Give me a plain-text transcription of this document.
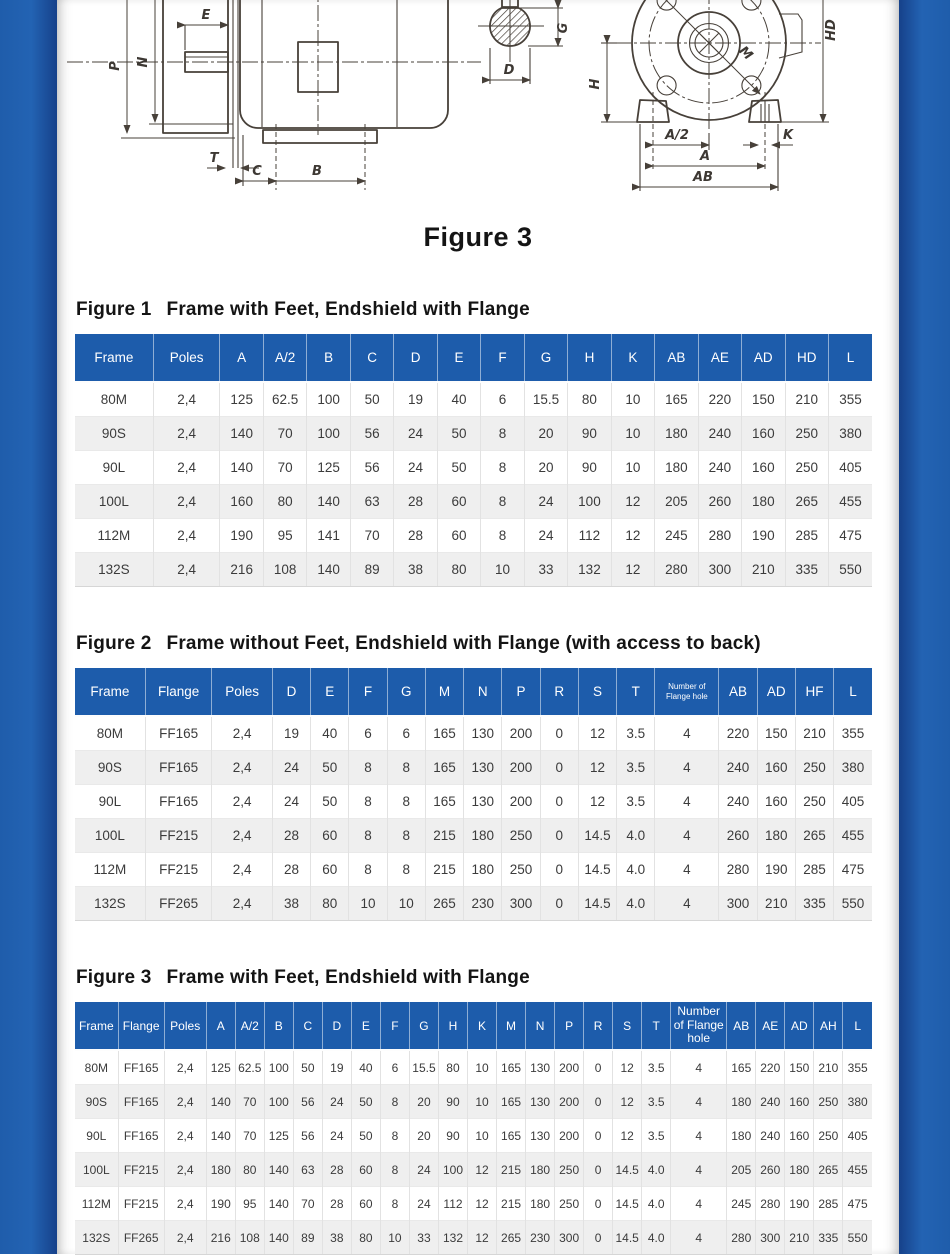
E
P N
T
C	B
D
G
M
H
HD
A/2
A
AB
K
Figure 3
Figure 1 Frame with Feet, Endshield with Flange
Frame	Poles	A	A/2	B	C	D	E	F	G	H	K	AB	AE	AD	HD	L
80M	2,4	125	62.5	100	50	19	40	6	15.5	80	10	165	220	150	210	355
90S	2,4	140	70	100	56	24	50	8	20	90	10	180	240	160	250	380
90L	2,4	140	70	125	56	24	50	8	20	90	10	180	240	160	250	405
100L	2,4	160	80	140	63	28	60	8	24	100	12	205	260	180	265	455
112M	2,4	190	95	141	70	28	60	8	24	112	12	245	280	190	285	475
132S	2,4	216	108	140	89	38	80	10	33	132	12	280	300	210	335	550
Figure 2 Frame without Feet, Endshield with Flange (with access to back)
Frame	Flange	Poles	D	E	F	G	M	N	P	R	S	T	Number of Flange hole	AB	AD	HF	L
80M	FF165	2,4	19	40	6	6	165	130	200	0	12	3.5	4	220	150	210	355
90S	FF165	2,4	24	50	8	8	165	130	200	0	12	3.5	4	240	160	250	380
90L	FF165	2,4	24	50	8	8	165	130	200	0	12	3.5	4	240	160	250	405
100L	FF215	2,4	28	60	8	8	215	180	250	0	14.5	4.0	4	260	180	265	455
112M	FF215	2,4	28	60	8	8	215	180	250	0	14.5	4.0	4	280	190	285	475
132S	FF265	2,4	38	80	10	10	265	230	300	0	14.5	4.0	4	300	210	335	550
Figure 3 Frame with Feet, Endshield with Flange
Frame	Flange	Poles	A	A/2	B	C	D	E	F	G	H	K	M	N	P	R	S	T	Number of Flange hole	AB	AE	AD	AH	L
80M	FF165	2,4	125	62.5	100	50	19	40	6	15.5	80	10	165	130	200	0	12	3.5	4	165	220	150	210	355
90S	FF165	2,4	140	70	100	56	24	50	8	20	90	10	165	130	200	0	12	3.5	4	180	240	160	250	380
90L	FF165	2,4	140	70	125	56	24	50	8	20	90	10	165	130	200	0	12	3.5	4	180	240	160	250	405
100L	FF215	2,4	180	80	140	63	28	60	8	24	100	12	215	180	250	0	14.5	4.0	4	205	260	180	265	455
112M	FF215	2,4	190	95	140	70	28	60	8	24	112	12	215	180	250	0	14.5	4.0	4	245	280	190	285	475
132S	FF265	2,4	216	108	140	89	38	80	10	33	132	12	265	230	300	0	14.5	4.0	4	280	300	210	335	550
